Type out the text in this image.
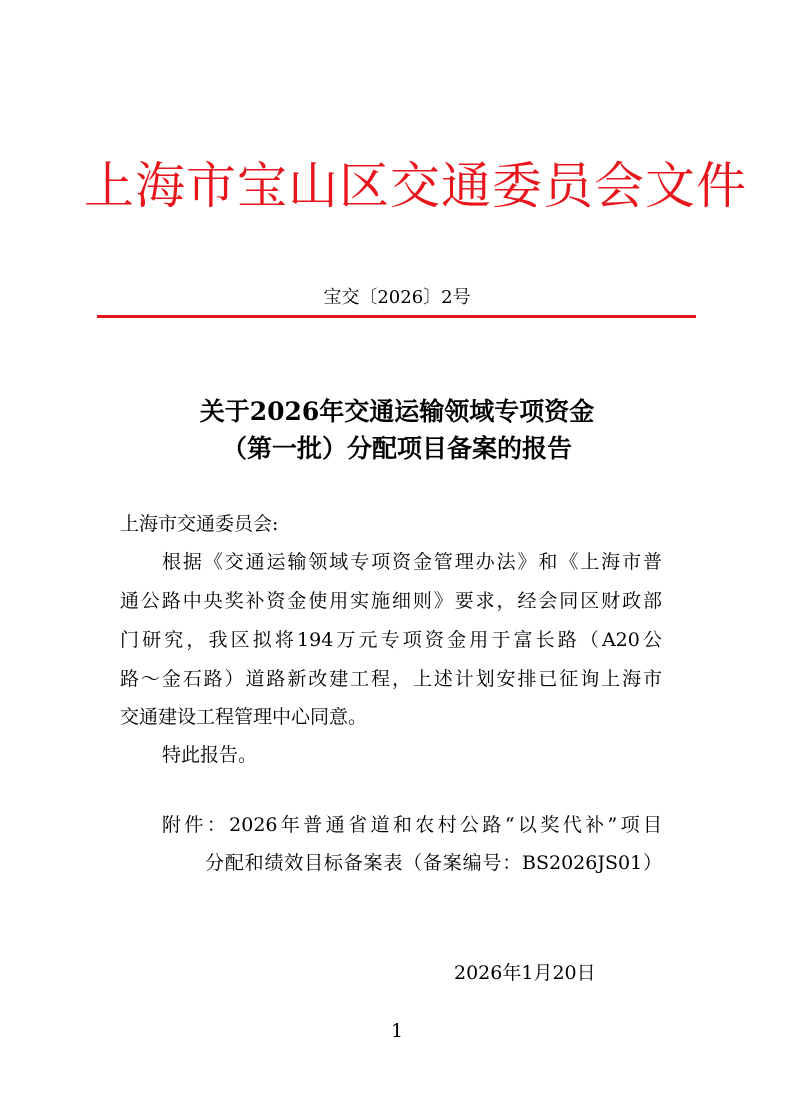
上海市宝山区交通委员会文件
宝交〔2026〕2号
关于2026年交通运输领域专项资金
（第一批）分配项目备案的报告
上海市交通委员会:
根据《交通运输领域专项资金管理办法》和《上海市普
通公路中央奖补资金使用实施细则》要求，经会同区财政部
门研究，我区拟将194万元专项资金用于富长路（A20公
路～金石路）道路新改建工程，上述计划安排已征询上海市
交通建设工程管理中心同意。
特此报告。
附件：2026年普通省道和农村公路“以奖代补”项目
分配和绩效目标备案表（备案编号：BS2026JS01）
2026年1月20日
1
